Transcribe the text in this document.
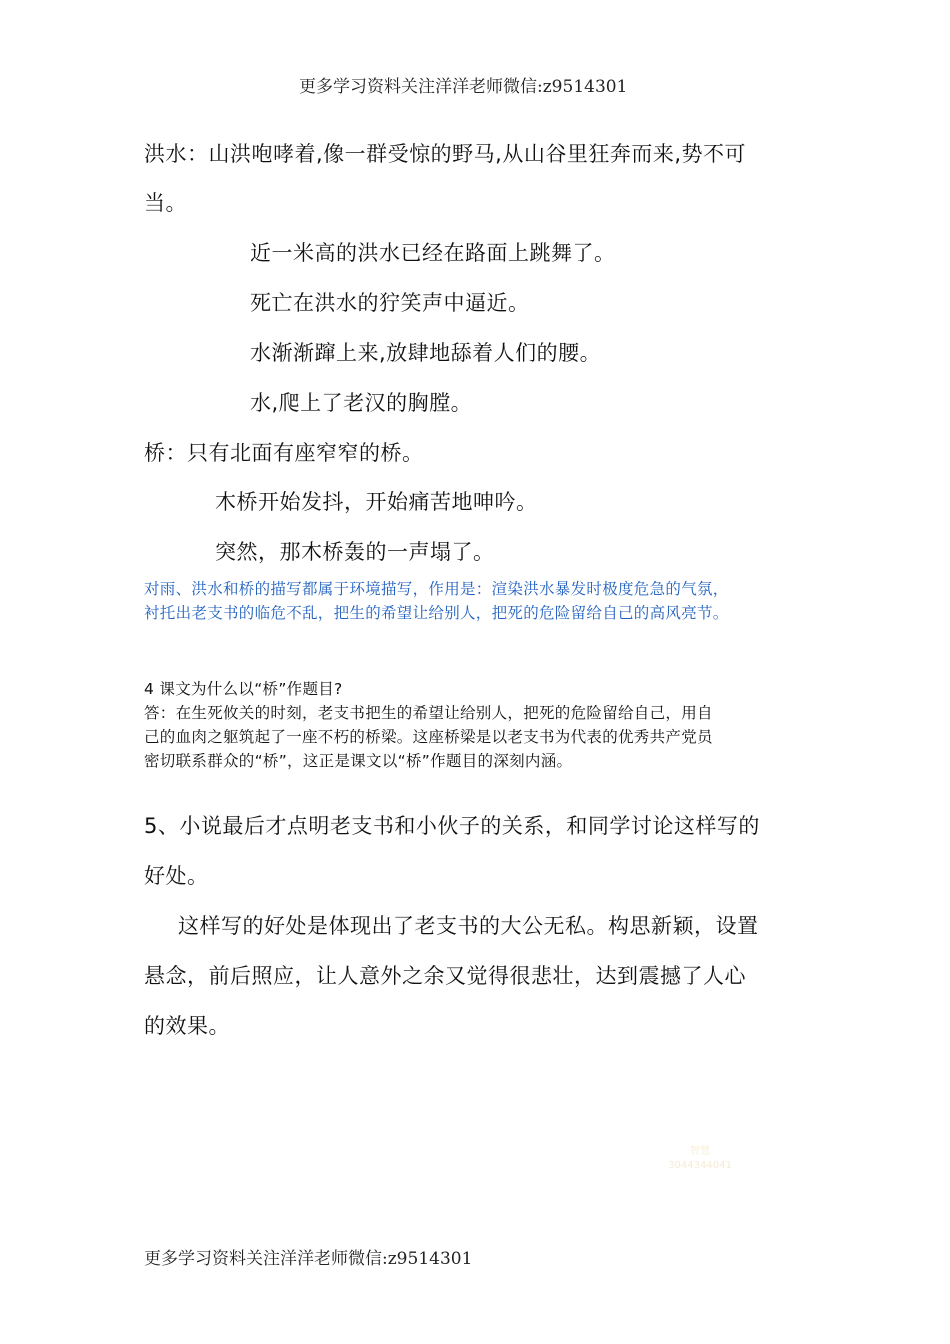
更多学习资料关注洋洋老师微信:z9514301
洪水：山洪咆哮着,像一群受惊的野马,从山谷里狂奔而来,势不可
当。
近一米高的洪水已经在路面上跳舞了。
死亡在洪水的狞笑声中逼近。
水渐渐蹿上来,放肆地舔着人们的腰。
水,爬上了老汉的胸膛。
桥：只有北面有座窄窄的桥。
木桥开始发抖，开始痛苦地呻吟。
突然，那木桥轰的一声塌了。
对雨、洪水和桥的描写都属于环境描写，作用是：渲染洪水暴发时极度危急的气氛，
衬托出老支书的临危不乱，把生的希望让给别人，把死的危险留给自己的高风亮节。
4 课文为什么以“桥”作题目?
答：在生死攸关的时刻，老支书把生的希望让给别人，把死的危险留给自己，用自
己的血肉之躯筑起了一座不朽的桥梁。这座桥梁是以老支书为代表的优秀共产党员
密切联系群众的“桥”，这正是课文以“桥”作题目的深刻内涵。
5、小说最后才点明老支书和小伙子的关系，和同学讨论这样写的
好处。
这样写的好处是体现出了老支书的大公无私。构思新颖，设置
悬念，前后照应，让人意外之余又觉得很悲壮，达到震撼了人心
的效果。
智慧
3044344041
更多学习资料关注洋洋老师微信:z9514301
